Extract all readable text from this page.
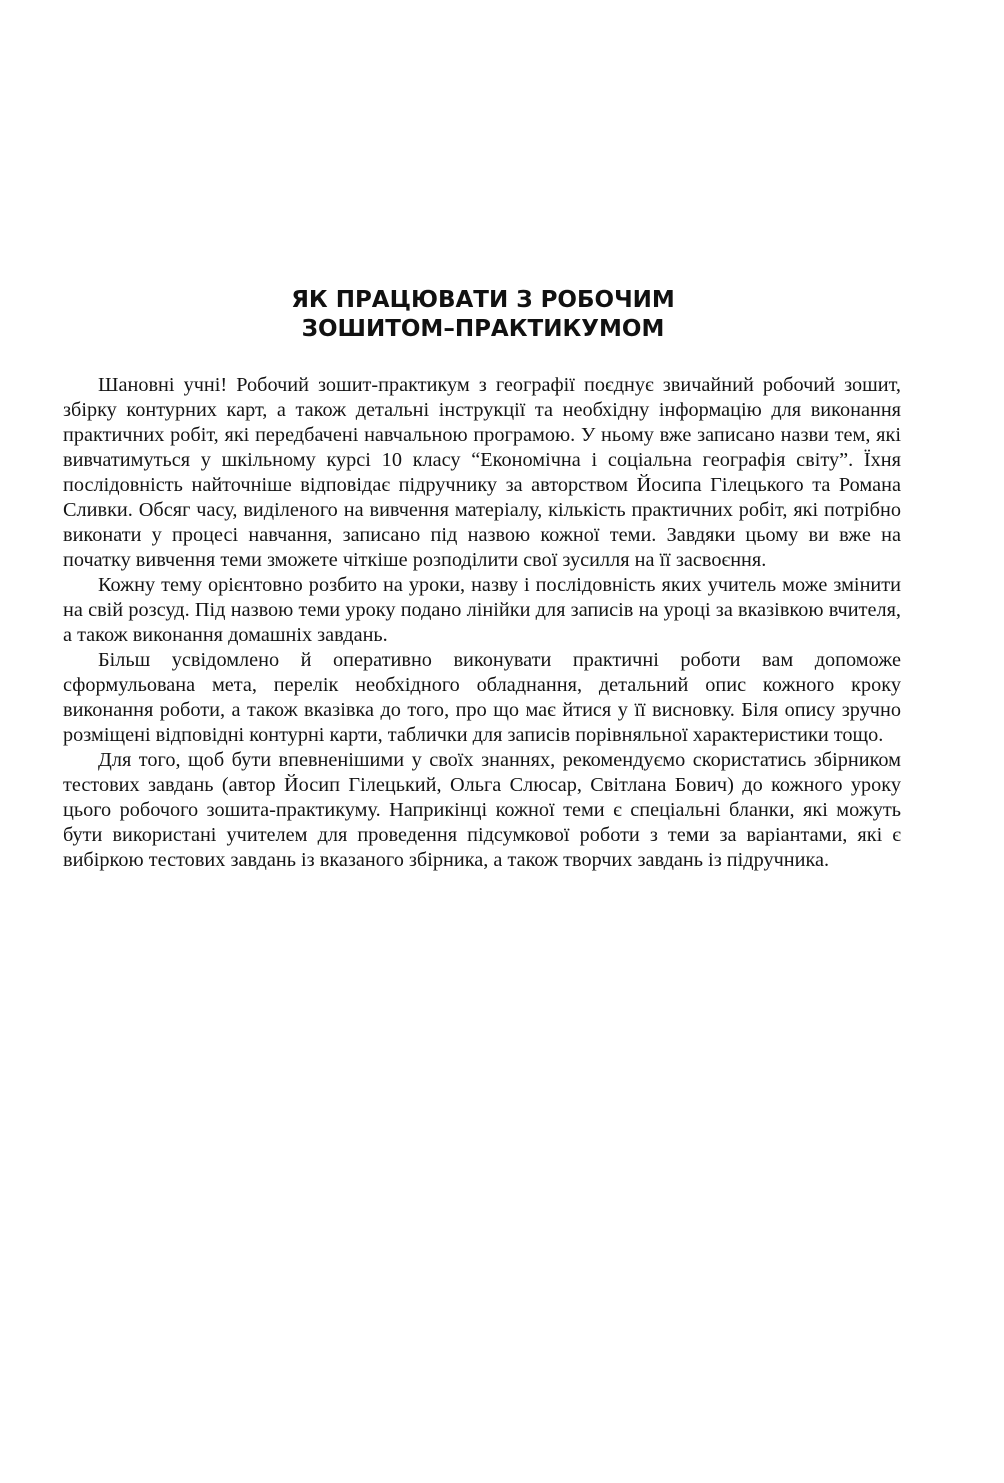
ЯК ПРАЦЮВАТИ З РОБОЧИМ
ЗОШИТОМ–ПРАКТИКУМОМ

Шановні учні! Робочий зошит-практикум з географії поєднує звичайний робочий зошит, збірку контурних карт, а також детальні інструкції та необхідну інформацію для виконання практичних робіт, які передбачені навчальною програмою. У ньому вже записано назви тем, які вивчатимуться у шкільному курсі 10 класу “Економічна і соціальна географія світу”. Їхня послідовність найточніше відповідає підручнику за авторством Йосипа Гілецького та Романа Сливки. Обсяг часу, виділеного на вивчення матеріалу, кількість практичних робіт, які потрібно виконати у процесі навчання, записано під назвою кожної теми. Завдяки цьому ви вже на початку вивчення теми зможете чіткіше розподілити свої зусилля на її засвоєння.

Кожну тему орієнтовно розбито на уроки, назву і послідовність яких учитель може змінити на свій розсуд. Під назвою теми уроку подано лінійки для записів на уроці за вказівкою вчителя, а також виконання домашніх завдань.

Більш усвідомлено й оперативно виконувати практичні роботи вам допоможе сформульована мета, перелік необхідного обладнання, детальний опис кожного кроку виконання роботи, а також вказівка до того, про що має йтися у її висновку. Біля опису зручно розміщені відповідні контурні карти, таблички для записів порівняльної характеристики тощо.

Для того, щоб бути впевненішими у своїх знаннях, рекомендуємо скористатись збірником тестових завдань (автор Йосип Гілецький, Ольга Слюсар, Світлана Бович) до кожного уроку цього робочого зошита-практикуму. Наприкінці кожної теми є спеціальні бланки, які можуть бути використані учителем для проведення підсумкової роботи з теми за варіантами, які є вибіркою тестових завдань із вказаного збірника, а також творчих завдань із підручника.
